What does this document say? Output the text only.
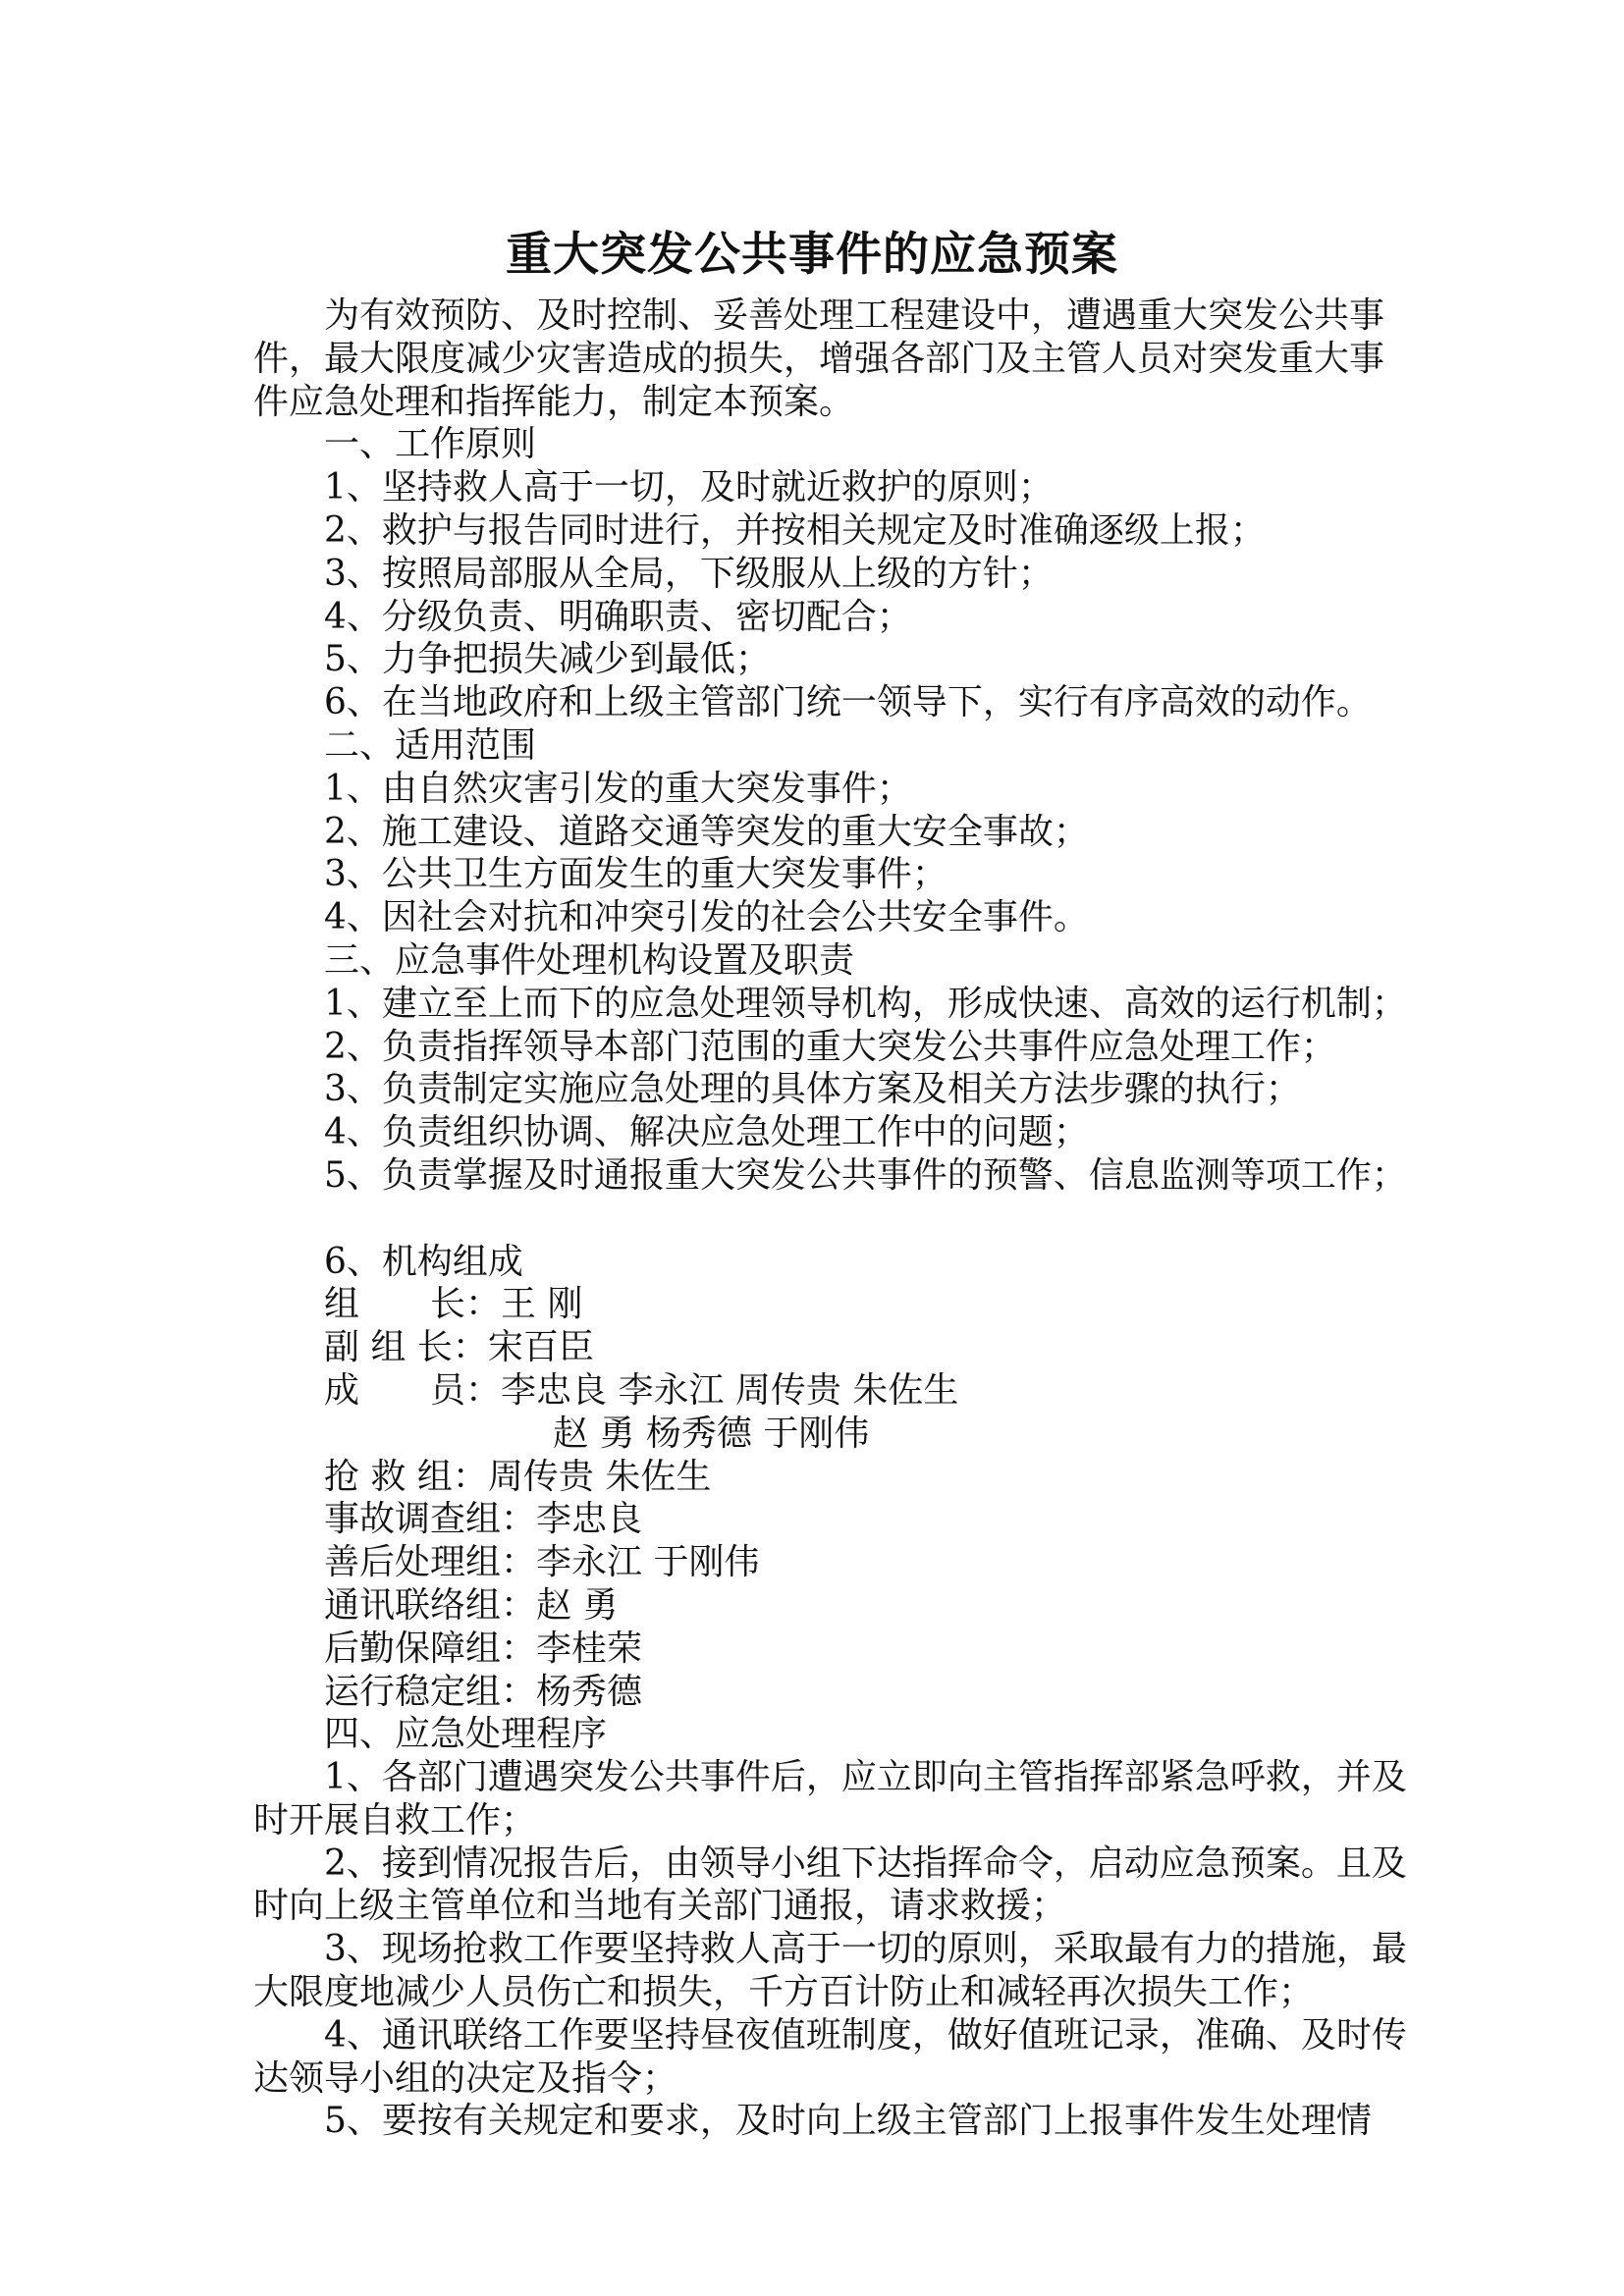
重大突发公共事件的应急预案
为有效预防、及时控制、妥善处理工程建设中，遭遇重大突发公共事
件，最大限度减少灾害造成的损失，增强各部门及主管人员对突发重大事
件应急处理和指挥能力，制定本预案。
一、工作原则
1、坚持救人高于一切，及时就近救护的原则；
2、救护与报告同时进行，并按相关规定及时准确逐级上报；
3、按照局部服从全局，下级服从上级的方针；
4、分级负责、明确职责、密切配合；
5、力争把损失减少到最低；
6、在当地政府和上级主管部门统一领导下，实行有序高效的动作。
二、适用范围
1、由自然灾害引发的重大突发事件；
2、施工建设、道路交通等突发的重大安全事故；
3、公共卫生方面发生的重大突发事件；
4、因社会对抗和冲突引发的社会公共安全事件。
三、应急事件处理机构设置及职责
1、建立至上而下的应急处理领导机构，形成快速、高效的运行机制；
2、负责指挥领导本部门范围的重大突发公共事件应急处理工作；
3、负责制定实施应急处理的具体方案及相关方法步骤的执行；
4、负责组织协调、解决应急处理工作中的问题；
5、负责掌握及时通报重大突发公共事件的预警、信息监测等项工作；
6、机构组成
组　　长：王 刚
副 组 长：宋百臣
成　　员：李忠良 李永江 周传贵 朱佐生
赵 勇 杨秀德 于刚伟
抢 救 组：周传贵 朱佐生
事故调查组：李忠良
善后处理组：李永江 于刚伟
通讯联络组：赵 勇
后勤保障组：李桂荣
运行稳定组：杨秀德
四、应急处理程序
1、各部门遭遇突发公共事件后，应立即向主管指挥部紧急呼救，并及
时开展自救工作；
2、接到情况报告后，由领导小组下达指挥命令，启动应急预案。且及
时向上级主管单位和当地有关部门通报，请求救援；
3、现场抢救工作要坚持救人高于一切的原则，采取最有力的措施，最
大限度地减少人员伤亡和损失，千方百计防止和减轻再次损失工作；
4、通讯联络工作要坚持昼夜值班制度，做好值班记录，准确、及时传
达领导小组的决定及指令；
5、要按有关规定和要求，及时向上级主管部门上报事件发生处理情
